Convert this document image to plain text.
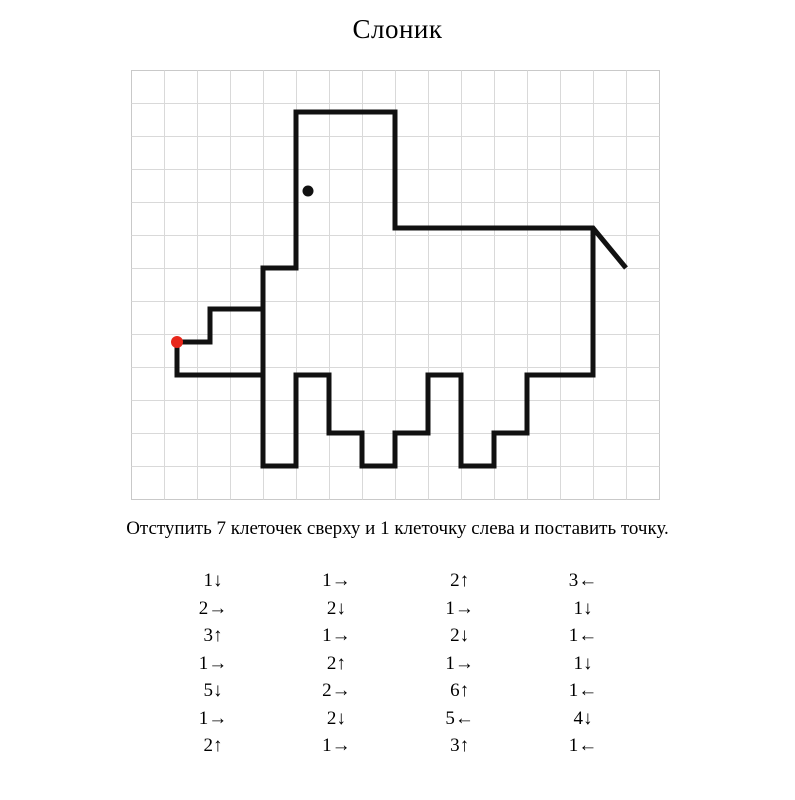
Слоник
Отступить 7 клеточек сверху и 1 клеточку слева и поставить точку.
1↓
2→
3↑
1→
5↓
1→
2↑
1→
2↓
1→
2↑
2→
2↓
1→
2↑
1→
2↓
1→
6↑
5←
3↑
3←
1↓
1←
1↓
1←
4↓
1←
